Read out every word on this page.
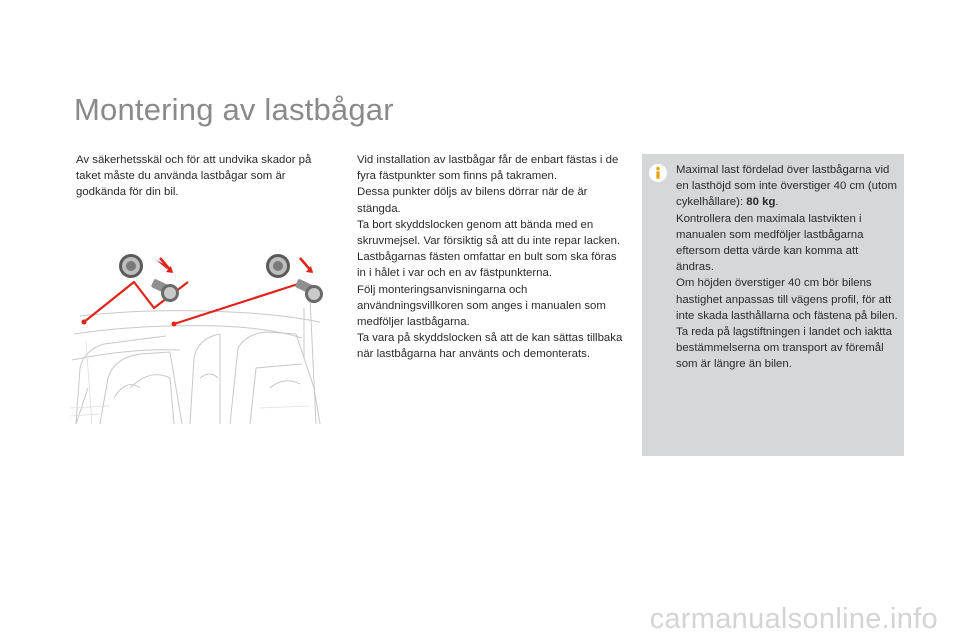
Montering av lastbågar
Av säkerhetsskäl och för att undvika skador på taket måste du använda lastbågar som är godkända för din bil.

Vid installation av lastbågar får de enbart fästas i de fyra fästpunkter som finns på takramen.

Dessa punkter döljs av bilens dörrar när de är stängda.

Ta bort skyddslocken genom att bända med en skruvmejsel. Var försiktig så att du inte repar lacken.

Lastbågarnas fästen omfattar en bult som ska föras in i hålet i var och en av fästpunkterna.

Följ monteringsanvisningarna och användningsvillkoren som anges i manualen som medföljer lastbågarna.

Ta vara på skyddslocken så att de kan sättas tillbaka när lastbågarna har använts och demonterats.

Maximal last fördelad över lastbågarna vid en lasthöjd som inte överstiger 40 cm (utom cykelhållare): 80 kg.

Kontrollera den maximala lastvikten i manualen som medföljer lastbågarna eftersom detta värde kan komma att ändras.

Om höjden överstiger 40 cm bör bilens hastighet anpassas till vägens profil, för att inte skada lasthållarna och fästena på bilen.

Ta reda på lagstiftningen i landet och iaktta bestämmelserna om transport av föremål som är längre än bilen.

carmanualsonline.info
